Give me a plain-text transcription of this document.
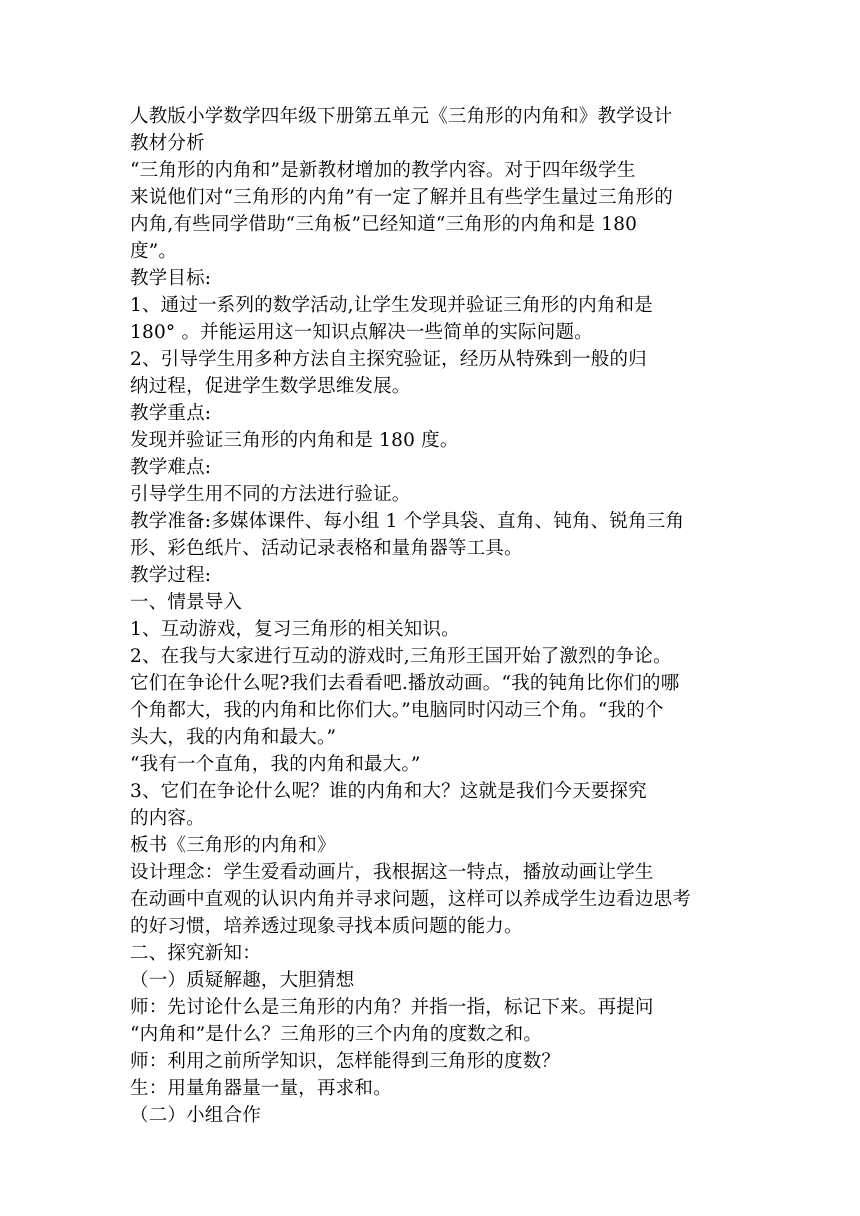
人教版小学数学四年级下册第五单元《三角形的内角和》教学设计
教材分析
“三角形的内角和”是新教材增加的教学内容。对于四年级学生
来说他们对“三角形的内角”有一定了解并且有些学生量过三角形的
内角,有些同学借助“三角板”已经知道“三角形的内角和是 180
度”。
教学目标:
1、通过一系列的数学活动,让学生发现并验证三角形的内角和是
180° 。并能运用这一知识点解决一些简单的实际问题。
2、引导学生用多种方法自主探究验证，经历从特殊到一般的归
纳过程，促进学生数学思维发展。
教学重点:
发现并验证三角形的内角和是 180 度。
教学难点:
引导学生用不同的方法进行验证。
教学准备:多媒体课件、每小组 1 个学具袋、直角、钝角、锐角三角
形、彩色纸片、活动记录表格和量角器等工具。
教学过程:
一、情景导入
1、互动游戏，复习三角形的相关知识。
2、在我与大家进行互动的游戏时,三角形王国开始了激烈的争论。
它们在争论什么呢?我们去看看吧.播放动画。“我的钝角比你们的哪
个角都大，我的内角和比你们大。”电脑同时闪动三个角。“我的个
头大，我的内角和最大。”
“我有一个直角，我的内角和最大。”
3、它们在争论什么呢？谁的内角和大？这就是我们今天要探究
的内容。
板书《三角形的内角和》
设计理念：学生爱看动画片，我根据这一特点，播放动画让学生
在动画中直观的认识内角并寻求问题，这样可以养成学生边看边思考
的好习惯，培养透过现象寻找本质问题的能力。
二、探究新知：
（一）质疑解趣，大胆猜想
师：先讨论什么是三角形的内角？并指一指，标记下来。再提问
“内角和”是什么？三角形的三个内角的度数之和。
师：利用之前所学知识，怎样能得到三角形的度数？
生：用量角器量一量，再求和。
（二）小组合作
